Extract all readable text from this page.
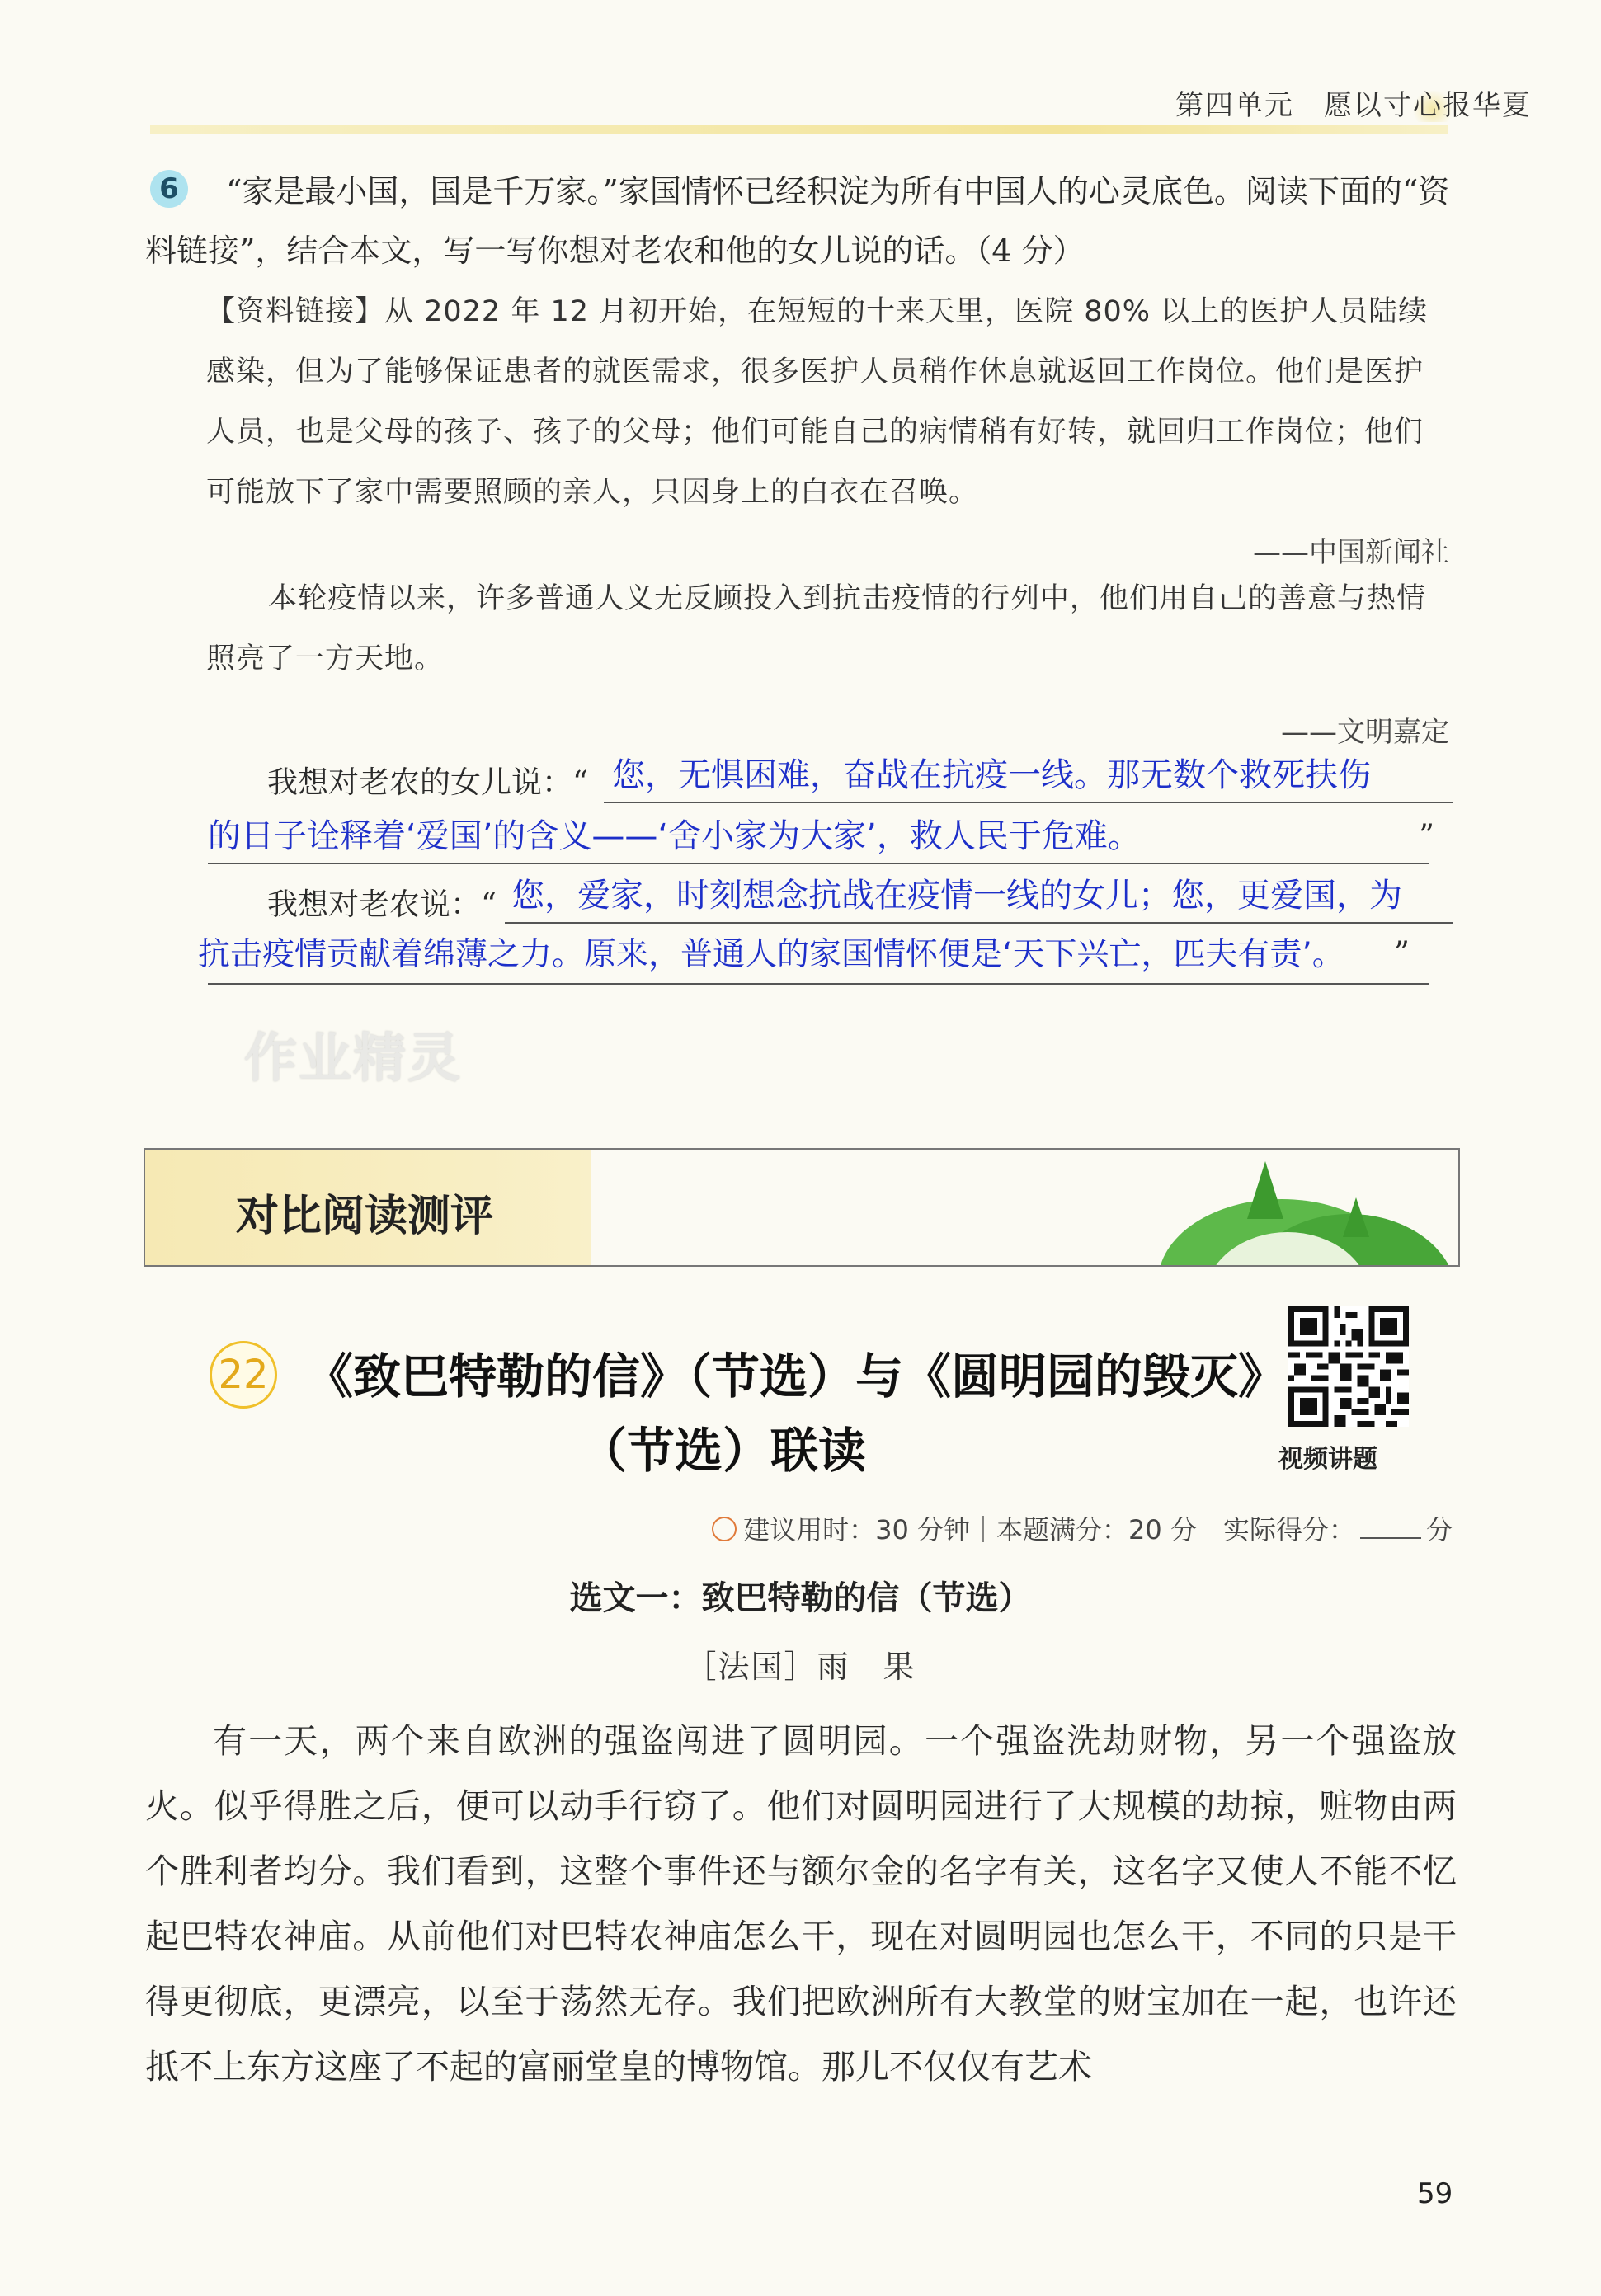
第四单元　愿以寸心报华夏
6	“家是最小国，国是千万家。”家国情怀已经积淀为所有中国人的心灵底色。阅读下面的“资料链接”，结合本文，写一写你想对老农和他的女儿说的话。（4 分）
【资料链接】从 2022 年 12 月初开始，在短短的十来天里，医院 80% 以上的医护人员陆续感染，但为了能够保证患者的就医需求，很多医护人员稍作休息就返回工作岗位。他们是医护人员，也是父母的孩子、孩子的父母；他们可能自己的病情稍有好转，就回归工作岗位；他们可能放下了家中需要照顾的亲人，只因身上的白衣在召唤。
——中国新闻社
本轮疫情以来，许多普通人义无反顾投入到抗击疫情的行列中，他们用自己的善意与热情照亮了一方天地。
——文明嘉定
我想对老农的女儿说：“ 您，无惧困难，奋战在抗疫一线。那无数个救死扶伤
的日子诠释着‘爱国’的含义——‘舍小家为大家’，救人民于危难。	”
我想对老农说：“ 您，爱家，时刻想念抗战在疫情一线的女儿；您，更爱国，为
抗击疫情贡献着绵薄之力。原来，普通人的家国情怀便是‘天下兴亡，匹夫有责’。 ”
作业精灵
对比阅读测评
22 《致巴特勒的信》（节选）与《圆明园的毁灭》
（节选）联读	视频讲题
建议用时：30 分钟｜本题满分：20 分　 实际得分：	分
选文一：致巴特勒的信（节选）
［法国］雨　果
有一天，两个来自欧洲的强盗闯进了圆明园。一个强盗洗劫财物，另一个强盗放火。似乎得胜之后，便可以动手行窃了。他们对圆明园进行了大规模的劫掠，赃物由两个胜利者均分。我们看到，这整个事件还与额尔金的名字有关，这名字又使人不能不忆起巴特农神庙。从前他们对巴特农神庙怎么干，现在对圆明园也怎么干，不同的只是干得更彻底，更漂亮，以至于荡然无存。我们把欧洲所有大教堂的财宝加在一起，也许还抵不上东方这座了不起的富丽堂皇的博物馆。那儿不仅仅有艺术
59
